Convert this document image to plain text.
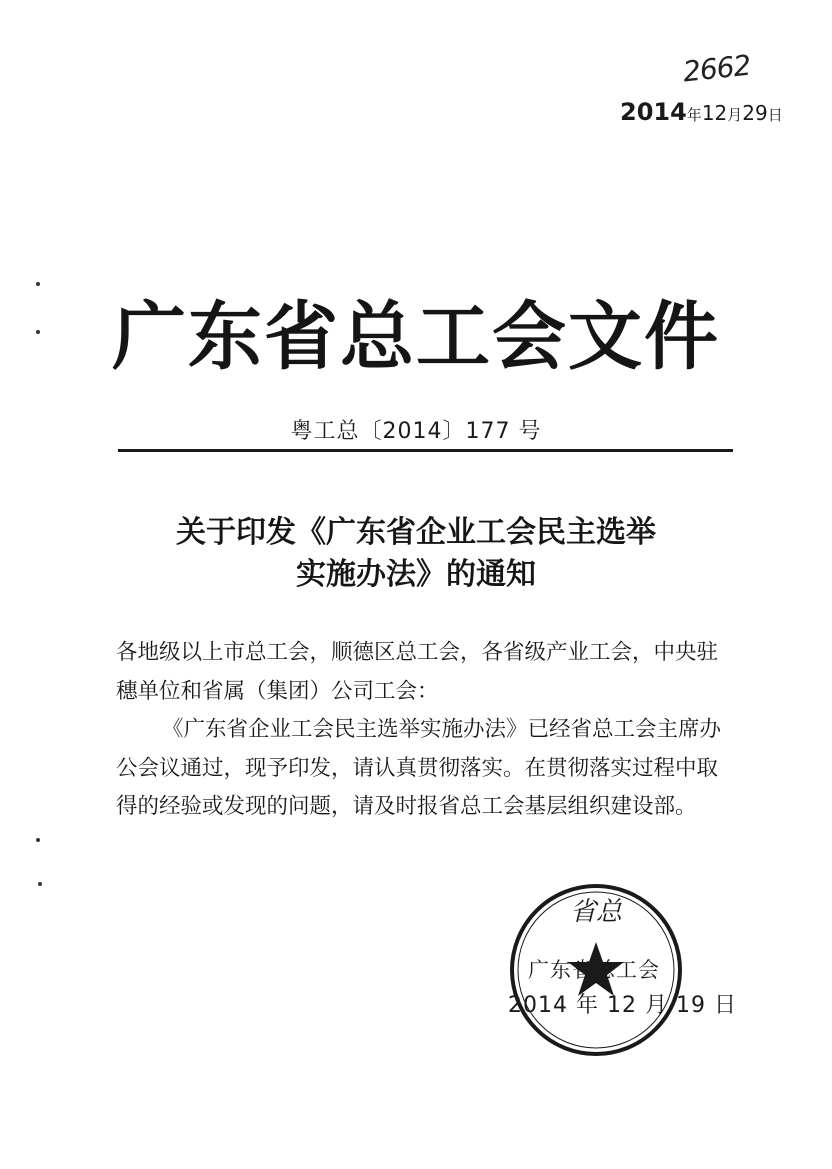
2662
2014年12月29日
广东省总工会文件
粤工总〔2014〕177 号
关于印发《广东省企业工会民主选举
实施办法》的通知

各地级以上市总工会，顺德区总工会，各省级产业工会，中央驻穗单位和省属（集团）公司工会：

《广东省企业工会民主选举实施办法》已经省总工会主席办公会议通过，现予印发，请认真贯彻落实。在贯彻落实过程中取得的经验或发现的问题，请及时报省总工会基层组织建设部。

省总
广东省总工会
2014 年 12 月 19 日
